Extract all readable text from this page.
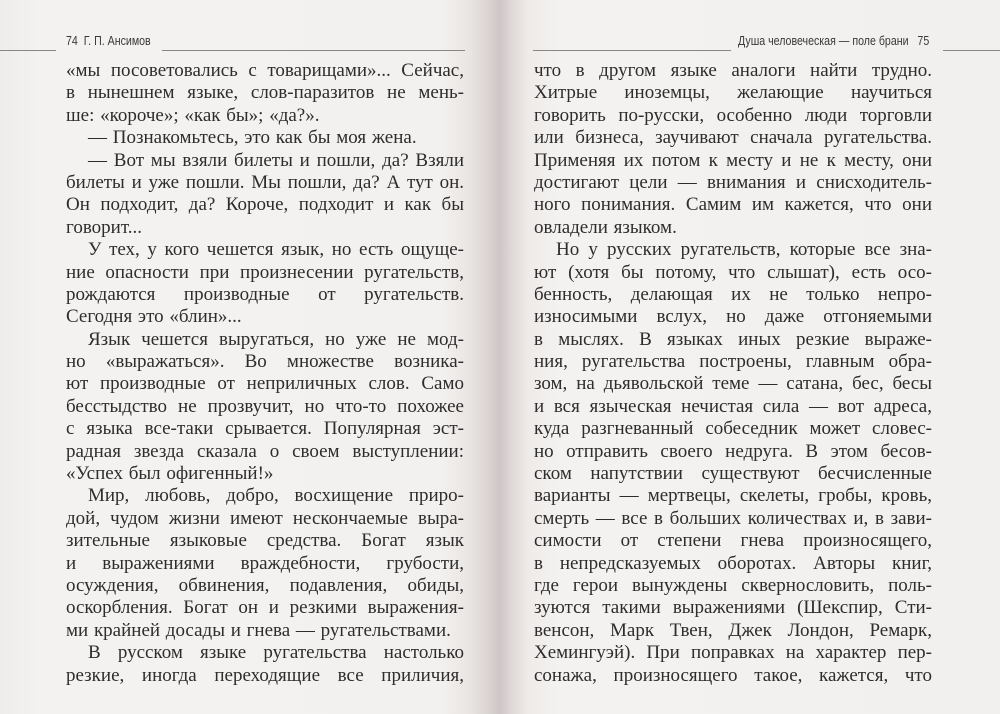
74 Г. П. Ансимов	Душа человеческая — поле брани 75
«мы посоветовались с товарищами»... Сейчас,
в нынешнем языке, слов-паразитов не мень-
ше: «короче»; «как бы»; «да?».
— Познакомьтесь, это как бы моя жена.
— Вот мы взяли билеты и пошли, да? Взяли
билеты и уже пошли. Мы пошли, да? А тут он.
Он подходит, да? Короче, подходит и как бы
говорит...
У тех, у кого чешется язык, но есть ощуще-
ние опасности при произнесении ругательств,
рождаются производные от ругательств.
Сегодня это «блин»...
Язык чешется выругаться, но уже не мод-
но «выражаться». Во множестве возника-
ют производные от неприличных слов. Само
бесстыдство не прозвучит, но что-то похожее
с языка все-таки срывается. Популярная эст-
радная звезда сказала о своем выступлении:
«Успех был офигенный!»
Мир, любовь, добро, восхищение приро-
дой, чудом жизни имеют нескончаемые выра-
зительные языковые средства. Богат язык
и выражениями враждебности, грубости,
осуждения, обвинения, подавления, обиды,
оскорбления. Богат он и резкими выражения-
ми крайней досады и гнева — ругательствами.
В русском языке ругательства настолько
резкие, иногда переходящие все приличия,
что в другом языке аналоги найти трудно.
Хитрые иноземцы, желающие научиться
говорить по-русски, особенно люди торговли
или бизнеса, заучивают сначала ругательства.
Применяя их потом к месту и не к месту, они
достигают цели — внимания и снисходитель-
ного понимания. Самим им кажется, что они
овладели языком.
Но у русских ругательств, которые все зна-
ют (хотя бы потому, что слышат), есть осо-
бенность, делающая их не только непро-
износимыми вслух, но даже отгоняемыми
в мыслях. В языках иных резкие выраже-
ния, ругательства построены, главным обра-
зом, на дьявольской теме — сатана, бес, бесы
и вся языческая нечистая сила — вот адреса,
куда разгневанный собеседник может словес-
но отправить своего недруга. В этом бесов-
ском напутствии существуют бесчисленные
варианты — мертвецы, скелеты, гробы, кровь,
смерть — все в больших количествах и, в зави-
симости от степени гнева произносящего,
в непредсказуемых оборотах. Авторы книг,
где герои вынуждены сквернословить, поль-
зуются такими выражениями (Шекспир, Сти-
венсон, Марк Твен, Джек Лондон, Ремарк,
Хемингуэй). При поправках на характер пер-
сонажа, произносящего такое, кажется, что
